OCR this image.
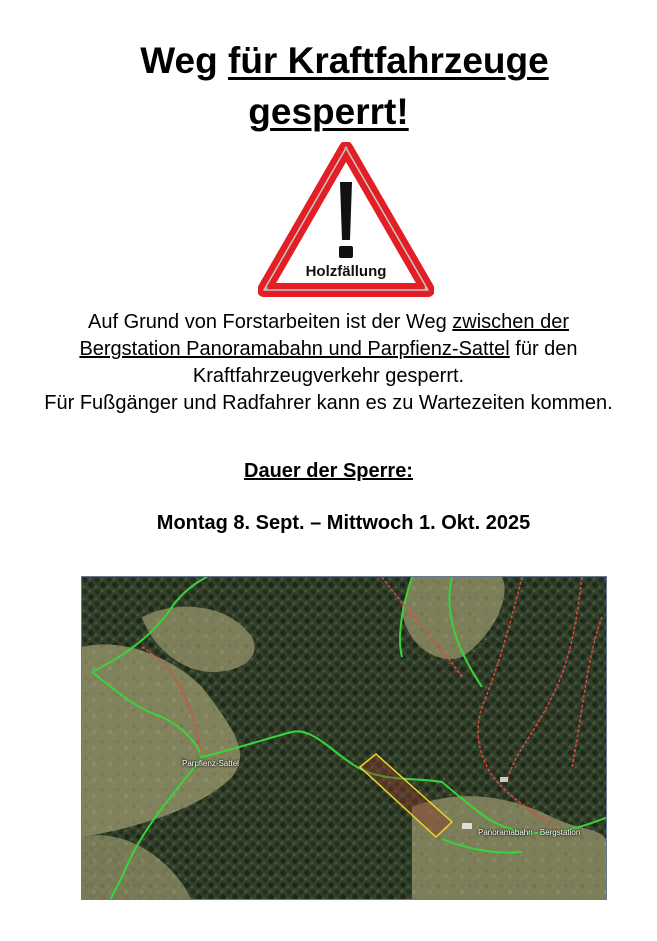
Weg für Kraftfahrzeuge
gesperrt!
Holzfällung
Auf Grund von Forstarbeiten ist der Weg zwischen der Bergstation Panoramabahn und Parpfienz-Sattel für den Kraftfahrzeugverkehr gesperrt.
Für Fußgänger und Radfahrer kann es zu Wartezeiten kommen.
Dauer der Sperre:
Montag 8. Sept. – Mittwoch 1. Okt. 2025
Parpfienz-Sattel
Panoramabahn - Bergstation
